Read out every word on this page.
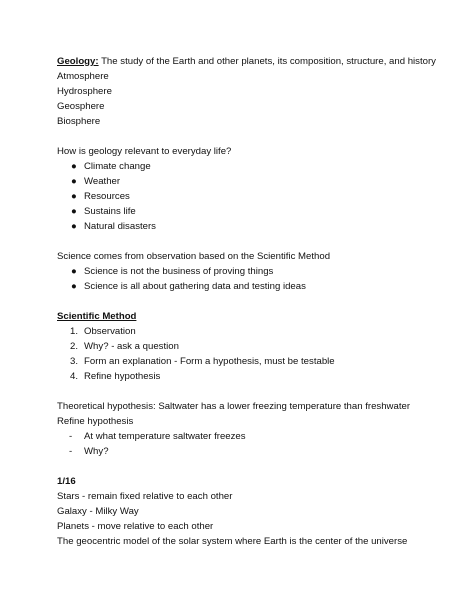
Geology: The study of the Earth and other planets, its composition, structure, and history
Atmosphere
Hydrosphere
Geosphere
Biosphere
How is geology relevant to everyday life?
● Climate change
● Weather
● Resources
● Sustains life
● Natural disasters
Science comes from observation based on the Scientific Method
● Science is not the business of proving things
● Science is all about gathering data and testing ideas
Scientific Method
1. Observation
2. Why? - ask a question
3. Form an explanation - Form a hypothesis, must be testable
4. Refine hypothesis
Theoretical hypothesis: Saltwater has a lower freezing temperature than freshwater
Refine hypothesis
- At what temperature saltwater freezes
- Why?
1/16
Stars - remain fixed relative to each other
Galaxy - Milky Way
Planets - move relative to each other
The geocentric model of the solar system where Earth is the center of the universe
